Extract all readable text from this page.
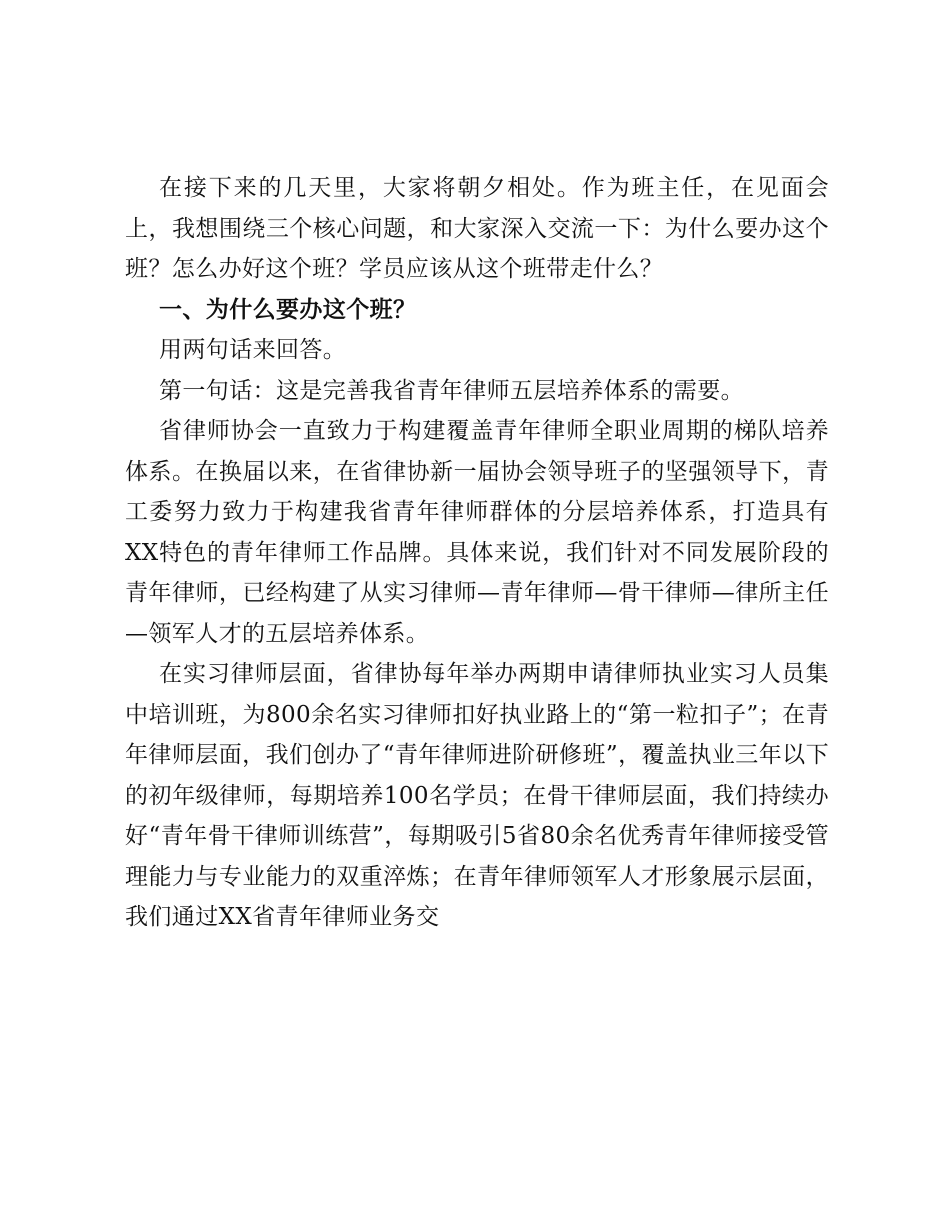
在接下来的几天里，大家将朝夕相处。作为班主任，在见面会上，我想围绕三个核心问题，和大家深入交流一下：为什么要办这个班？怎么办好这个班？学员应该从这个班带走什么？

一、为什么要办这个班？

用两句话来回答。

第一句话：这是完善我省青年律师五层培养体系的需要。

省律师协会一直致力于构建覆盖青年律师全职业周期的梯队培养体系。在换届以来，在省律协新一届协会领导班子的坚强领导下，青工委努力致力于构建我省青年律师群体的分层培养体系，打造具有XX特色的青年律师工作品牌。具体来说，我们针对不同发展阶段的青年律师，已经构建了从实习律师—青年律师—骨干律师—律所主任—领军人才的五层培养体系。

在实习律师层面，省律协每年举办两期申请律师执业实习人员集中培训班，为800余名实习律师扣好执业路上的“第一粒扣子”；在青年律师层面，我们创办了“青年律师进阶研修班”，覆盖执业三年以下的初年级律师，每期培养100名学员；在骨干律师层面，我们持续办好“青年骨干律师训练营”，每期吸引5省80余名优秀青年律师接受管理能力与专业能力的双重淬炼；在青年律师领军人才形象展示层面，我们通过XX省青年律师业务交
